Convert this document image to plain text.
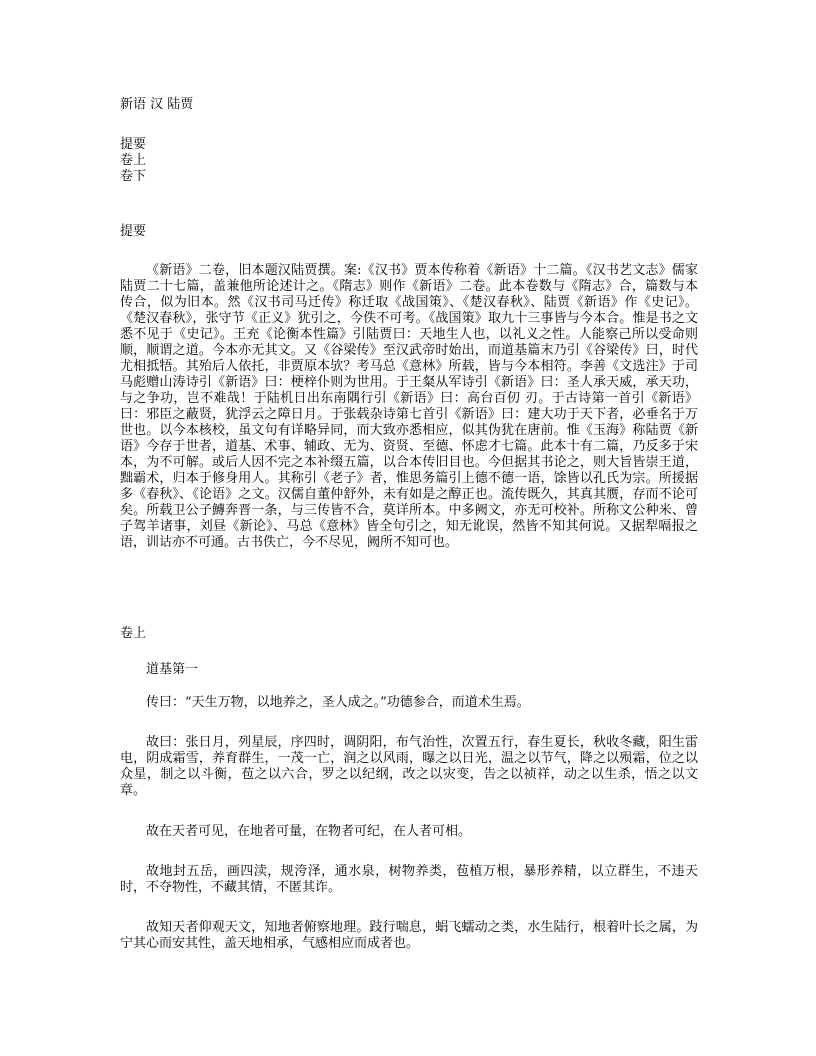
新语 汉 陆贾
提要
卷上
卷下
提要
《新语》二卷，旧本题汉陆贾撰。案:《汉书》贾本传称着《新语》十二篇。《汉书艺文志》儒家陆贾二十七篇，盖兼他所论述计之。《隋志》则作《新语》二卷。此本卷数与《隋志》合，篇数与本传合，似为旧本。然《汉书司马迁传》称迁取《战国策》、《楚汉春秋》、陆贾《新语》作《史记》。《楚汉春秋》，张守节《正义》犹引之，今佚不可考。《战国策》取九十三事皆与今本合。惟是书之文悉不见于《史记》。王充《论衡本性篇》引陆贾曰：天地生人也，以礼义之性。人能察己所以受命则顺，顺谓之道。今本亦无其文。又《谷梁传》至汉武帝时始出，而道基篇末乃引《谷梁传》曰，时代尤相抵牾。其殆后人依托，非贾原本欤？考马总《意林》所载，皆与今本相符。李善《文选注》于司马彪赠山涛诗引《新语》曰：梗梓仆则为世用。于王粲从军诗引《新语》曰：圣人承天威，承天功，与之争功，岂不难哉！于陆机日出东南隅行引《新语》曰：高台百仞 刃。于古诗第一首引《新语》曰：邪臣之蔽贤，犹浮云之障日月。于张载杂诗第七首引《新语》曰：建大功于天下者，必垂名于万世也。以今本核校，虽文句有详略异同，而大致亦悉相应，似其伪犹在唐前。惟《玉海》称陆贾《新语》今存于世者，道基、术事、辅政、无为、资贤、至德、怀虑才七篇。此本十有二篇，乃反多于宋本，为不可解。或后人因不完之本补缀五篇，以合本传旧目也。今但据其书论之，则大旨皆崇王道，黜霸术，归本于修身用人。其称引《老子》者，惟思务篇引上德不德一语，馀皆以孔氏为宗。所援据多《春秋》、《论语》之文。汉儒自董仲舒外，未有如是之醇正也。流传既久，其真其赝，存而不论可矣。所载卫公子鱄奔晋一条，与三传皆不合，莫详所本。中多阙文，亦无可校补。所称文公种米、曾子驾羊诸事，刘昼《新论》、马总《意林》皆全句引之，知无讹误，然皆不知其何说。又据犁嗝报之语，训诂亦不可通。古书佚亡，今不尽见，阙所不知可也。
卷上
道基第一
传曰：“天生万物，以地养之，圣人成之。”功德参合，而道术生焉。
故曰：张日月，列星辰，序四时，调阴阳，布气治性，次置五行，春生夏长，秋收冬藏，阳生雷电，阴成霜雪，养育群生，一茂一亡，润之以风雨，曝之以日光，温之以节气，降之以殒霜，位之以众星，制之以斗衡，苞之以六合，罗之以纪纲，改之以灾变，告之以祯祥，动之以生杀，悟之以文章。
故在天者可见，在地者可量，在物者可纪，在人者可相。
故地封五岳，画四渎，规洿泽，通水泉，树物养类，苞植万根，暴形养精，以立群生，不违天时，不夺物性，不藏其情，不匿其诈。
故知天者仰观天文，知地者俯察地理。跂行喘息，蜎飞蠕动之类，水生陆行，根着叶长之属，为宁其心而安其性，盖天地相承，气感相应而成者也。
